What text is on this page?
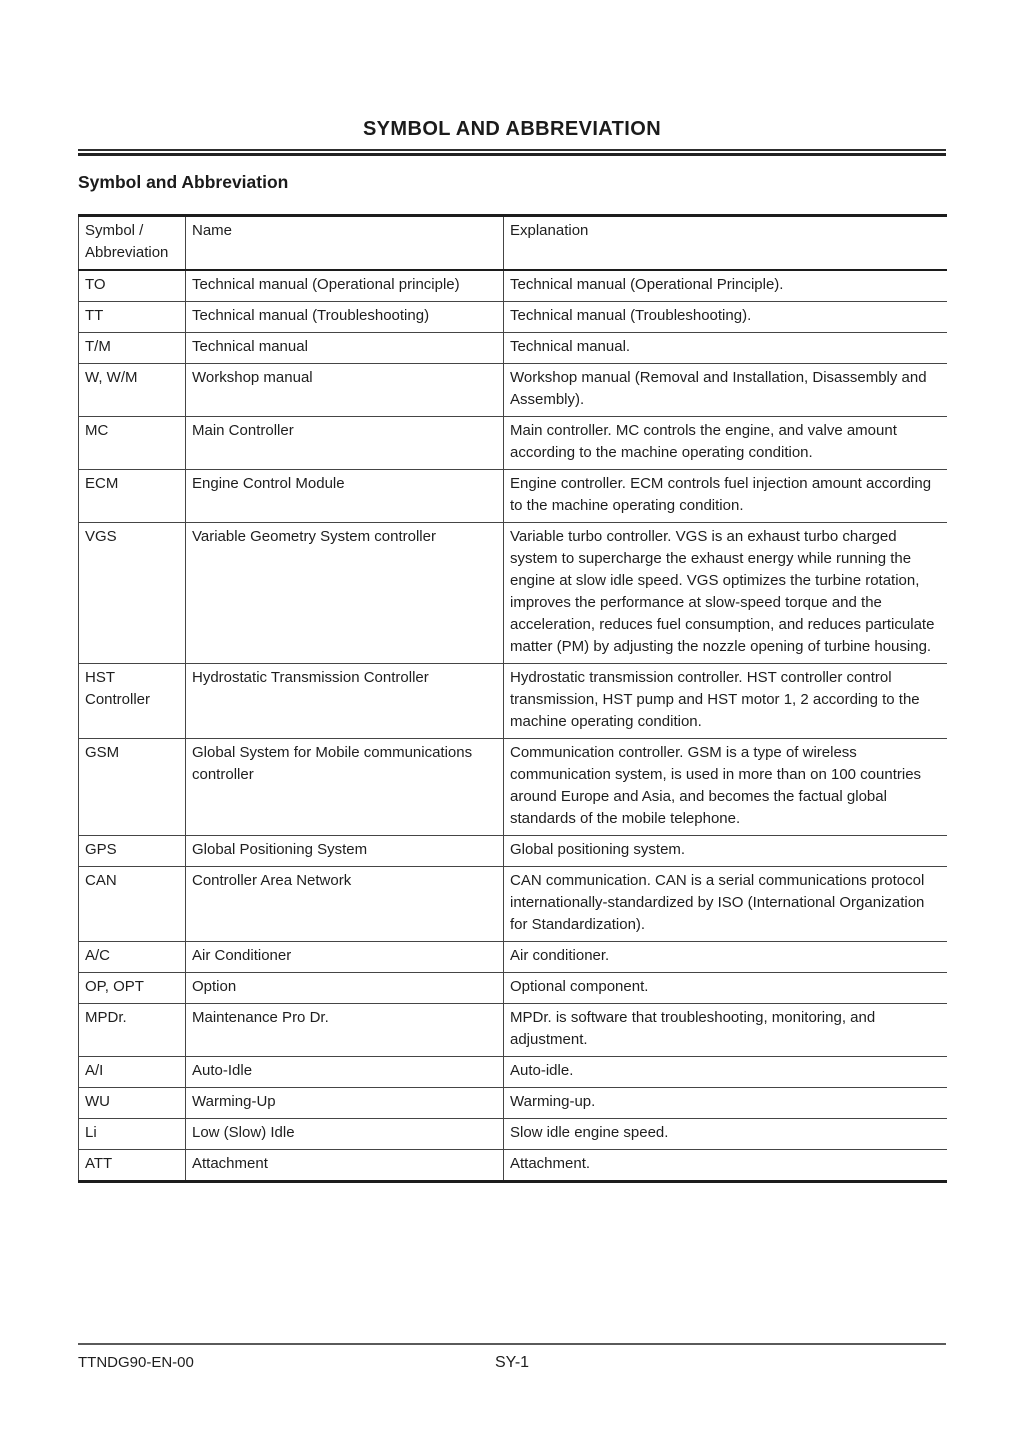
SYMBOL AND ABBREVIATION
Symbol and Abbreviation
Symbol / Abbreviation	Name	Explanation
TO	Technical manual (Operational principle)	Technical manual (Operational Principle).
TT	Technical manual (Troubleshooting)	Technical manual (Troubleshooting).
T/M	Technical manual	Technical manual.
W, W/M	Workshop manual	Workshop manual (Removal and Installation, Disassembly and Assembly).
MC	Main Controller	Main controller. MC controls the engine, and valve amount according to the machine operating condition.
ECM	Engine Control Module	Engine controller. ECM controls fuel injection amount according to the machine operating condition.
VGS	Variable Geometry System controller	Variable turbo controller. VGS is an exhaust turbo charged system to supercharge the exhaust energy while running the engine at slow idle speed. VGS optimizes the turbine rotation, improves the performance at slow-speed torque and the acceleration, reduces fuel consumption, and reduces particulate matter (PM) by adjusting the nozzle opening of turbine housing.
HST Controller	Hydrostatic Transmission Controller	Hydrostatic transmission controller. HST controller control transmission, HST pump and HST motor 1, 2 according to the machine operating condition.
GSM	Global System for Mobile communications controller	Communication controller. GSM is a type of wireless communication system, is used in more than on 100 countries around Europe and Asia, and becomes the factual global standards of the mobile telephone.
GPS	Global Positioning System	Global positioning system.
CAN	Controller Area Network	CAN communication. CAN is a serial communications protocol internationally-standardized by ISO (International Organization for Standardization).
A/C	Air Conditioner	Air conditioner.
OP, OPT	Option	Optional component.
MPDr.	Maintenance Pro Dr.	MPDr. is software that troubleshooting, monitoring, and adjustment.
A/I	Auto-Idle	Auto-idle.
WU	Warming-Up	Warming-up.
Li	Low (Slow) Idle	Slow idle engine speed.
ATT	Attachment	Attachment.
TTNDG90-EN-00	SY-1
